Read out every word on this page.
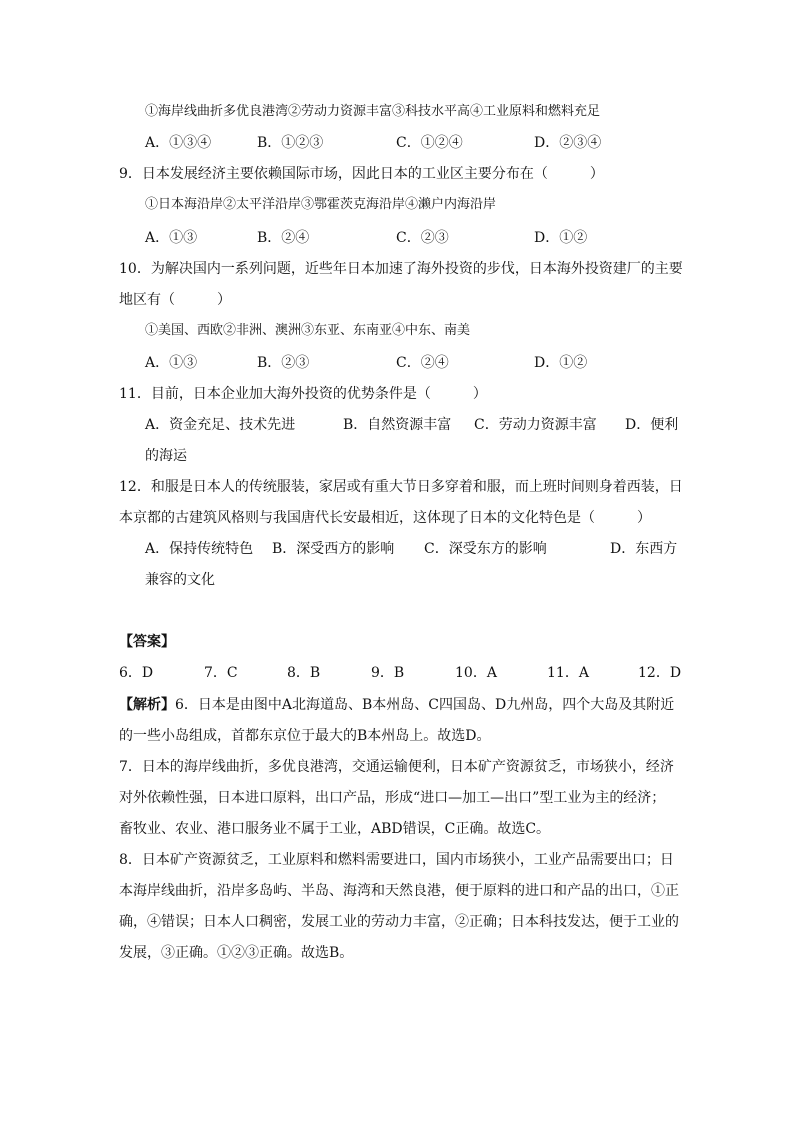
①海岸线曲折多优良港湾②劳动力资源丰富③科技水平高④工业原料和燃料充足
A．①③④	B．①②③	C．①②④	D．②③④
9．日本发展经济主要依赖国际市场，因此日本的工业区主要分布在（　　　）
①日本海沿岸②太平洋沿岸③鄂霍茨克海沿岸④濑户内海沿岸
A．①③	B．②④	C．②③	D．①②
10．为解决国内一系列问题，近些年日本加速了海外投资的步伐，日本海外投资建厂的主要
地区有（　　　）
①美国、西欧②非洲、澳洲③东亚、东南亚④中东、南美
A．①③	B．②③	C．②④	D．①②
11．目前，日本企业加大海外投资的优势条件是（　　　）
A．资金充足、技术先进	B．自然资源丰富 C．劳动力资源丰富 D．便利
的海运
12．和服是日本人的传统服装，家居或有重大节日多穿着和服，而上班时间则身着西装，日
本京都的古建筑风格则与我国唐代长安最相近，这体现了日本的文化特色是（　　　）
A．保持传统特色 B．深受西方的影响 C．深受东方的影响	D．东西方
兼容的文化
【答案】
6．D	7．C	8．B	9．B	10．A	11．A	12．D
【解析】6．日本是由图中A北海道岛、B本州岛、C四国岛、D九州岛，四个大岛及其附近
的一些小岛组成，首都东京位于最大的B本州岛上。故选D。
7．日本的海岸线曲折，多优良港湾，交通运输便利，日本矿产资源贫乏，市场狭小，经济
对外依赖性强，日本进口原料，出口产品，形成“进口—加工—出口”型工业为主的经济；
畜牧业、农业、港口服务业不属于工业，ABD错误，C正确。故选C。
8．日本矿产资源贫乏，工业原料和燃料需要进口，国内市场狭小，工业产品需要出口；日
本海岸线曲折，沿岸多岛屿、半岛、海湾和天然良港，便于原料的进口和产品的出口，①正
确，④错误；日本人口稠密，发展工业的劳动力丰富，②正确；日本科技发达，便于工业的
发展，③正确。①②③正确。故选B。
